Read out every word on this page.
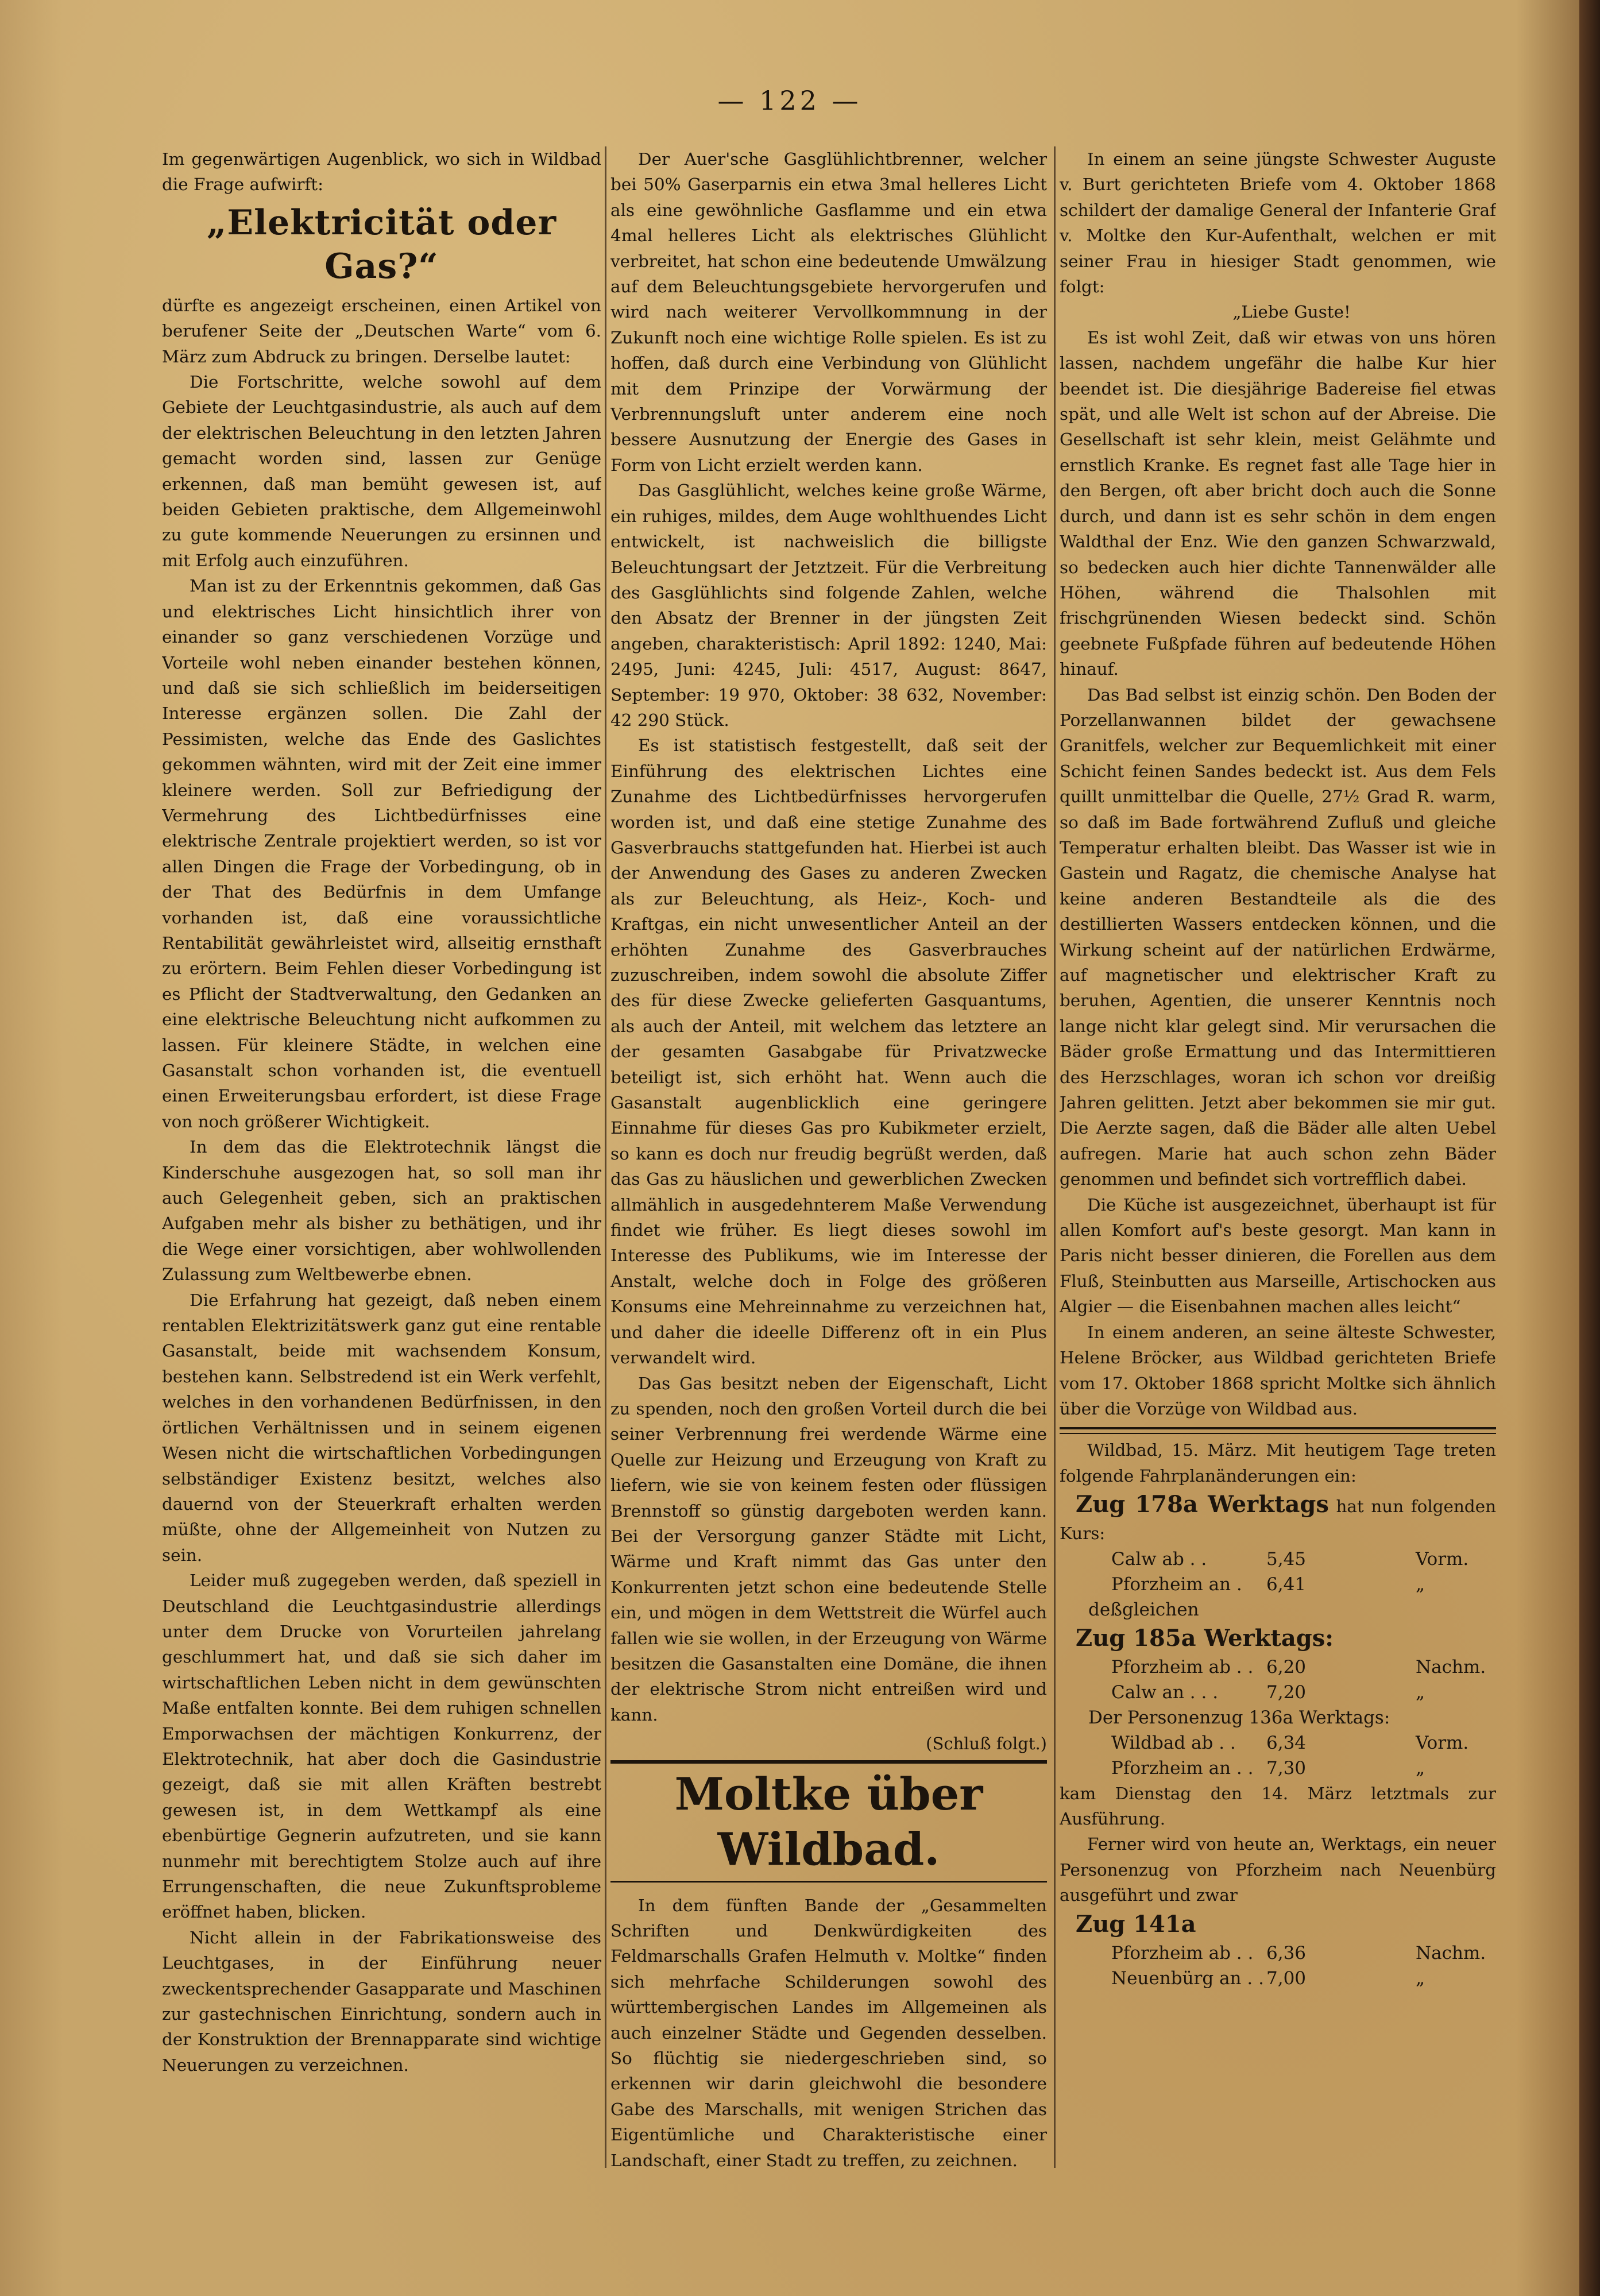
— 122 —

Im gegenwärtigen Augenblick, wo sich in Wildbad die Frage aufwirft:

„Elektricität oder Gas?“

dürfte es angezeigt erscheinen, einen Artikel von berufener Seite der „Deutschen Warte“ vom 6. März zum Abdruck zu bringen. Derselbe lautet:

Die Fortschritte, welche sowohl auf dem Gebiete der Leuchtgasindustrie, als auch auf dem der elektrischen Beleuchtung in den letzten Jahren gemacht worden sind, lassen zur Genüge erkennen, daß man bemüht gewesen ist, auf beiden Gebieten praktische, dem Allgemeinwohl zu gute kommende Neuerungen zu ersinnen und mit Erfolg auch einzuführen.

Man ist zu der Erkenntnis gekommen, daß Gas und elektrisches Licht hinsichtlich ihrer von einander so ganz verschiedenen Vorzüge und Vorteile wohl neben einander bestehen können, und daß sie sich schließlich im beiderseitigen Interesse ergänzen sollen. Die Zahl der Pessimisten, welche das Ende des Gaslichtes gekommen wähnten, wird mit der Zeit eine immer kleinere werden. Soll zur Befriedigung der Vermehrung des Lichtbedürfnisses eine elektrische Zentrale projektiert werden, so ist vor allen Dingen die Frage der Vorbedingung, ob in der That des Bedürfnis in dem Umfange vorhanden ist, daß eine voraussichtliche Rentabilität gewährleistet wird, allseitig ernsthaft zu erörtern. Beim Fehlen dieser Vorbedingung ist es Pflicht der Stadtverwaltung, den Gedanken an eine elektrische Beleuchtung nicht aufkommen zu lassen. Für kleinere Städte, in welchen eine Gasanstalt schon vorhanden ist, die eventuell einen Erweiterungsbau erfordert, ist diese Frage von noch größerer Wichtigkeit.

In dem das die Elektrotechnik längst die Kinderschuhe ausgezogen hat, so soll man ihr auch Gelegenheit geben, sich an praktischen Aufgaben mehr als bisher zu bethätigen, und ihr die Wege einer vorsichtigen, aber wohlwollenden Zulassung zum Weltbewerbe ebnen.

Die Erfahrung hat gezeigt, daß neben einem rentablen Elektrizitätswerk ganz gut eine rentable Gasanstalt, beide mit wachsendem Konsum, bestehen kann. Selbstredend ist ein Werk verfehlt, welches in den vorhandenen Bedürfnissen, in den örtlichen Verhältnissen und in seinem eigenen Wesen nicht die wirtschaftlichen Vorbedingungen selbständiger Existenz besitzt, welches also dauernd von der Steuerkraft erhalten werden müßte, ohne der Allgemeinheit von Nutzen zu sein.

Leider muß zugegeben werden, daß speziell in Deutschland die Leuchtgasindustrie allerdings unter dem Drucke von Vorurteilen jahrelang geschlummert hat, und daß sie sich daher im wirtschaftlichen Leben nicht in dem gewünschten Maße entfalten konnte. Bei dem ruhigen schnellen Emporwachsen der mächtigen Konkurrenz, der Elektrotechnik, hat aber doch die Gasindustrie gezeigt, daß sie mit allen Kräften bestrebt gewesen ist, in dem Wettkampf als eine ebenbürtige Gegnerin aufzutreten, und sie kann nunmehr mit berechtigtem Stolze auch auf ihre Errungenschaften, die neue Zukunftsprobleme eröffnet haben, blicken.

Nicht allein in der Fabrikationsweise des Leuchtgases, in der Einführung neuer zweckentsprechender Gasapparate und Maschinen zur gastechnischen Einrichtung, sondern auch in der Konstruktion der Brennapparate sind wichtige Neuerungen zu verzeichnen.

Der Auer'sche Gasglühlichtbrenner, welcher bei 50% Gaserparnis ein etwa 3mal helleres Licht als eine gewöhnliche Gasflamme und ein etwa 4mal helleres Licht als elektrisches Glühlicht verbreitet, hat schon eine bedeutende Umwälzung auf dem Beleuchtungsgebiete hervorgerufen und wird nach weiterer Vervollkommnung in der Zukunft noch eine wichtige Rolle spielen. Es ist zu hoffen, daß durch eine Verbindung von Glühlicht mit dem Prinzipe der Vorwärmung der Verbrennungsluft unter anderem eine noch bessere Ausnutzung der Energie des Gases in Form von Licht erzielt werden kann.

Das Gasglühlicht, welches keine große Wärme, ein ruhiges, mildes, dem Auge wohlthuendes Licht entwickelt, ist nachweislich die billigste Beleuchtungsart der Jetztzeit. Für die Verbreitung des Gasglühlichts sind folgende Zahlen, welche den Absatz der Brenner in der jüngsten Zeit angeben, charakteristisch: April 1892: 1240, Mai: 2495, Juni: 4245, Juli: 4517, August: 8647, September: 19 970, Oktober: 38 632, November: 42 290 Stück.

Es ist statistisch festgestellt, daß seit der Einführung des elektrischen Lichtes eine Zunahme des Lichtbedürfnisses hervorgerufen worden ist, und daß eine stetige Zunahme des Gasverbrauchs stattgefunden hat. Hierbei ist auch der Anwendung des Gases zu anderen Zwecken als zur Beleuchtung, als Heiz-, Koch- und Kraftgas, ein nicht unwesentlicher Anteil an der erhöhten Zunahme des Gasverbrauches zuzuschreiben, indem sowohl die absolute Ziffer des für diese Zwecke gelieferten Gasquantums, als auch der Anteil, mit welchem das letztere an der gesamten Gasabgabe für Privatzwecke beteiligt ist, sich erhöht hat. Wenn auch die Gasanstalt augenblicklich eine geringere Einnahme für dieses Gas pro Kubikmeter erzielt, so kann es doch nur freudig begrüßt werden, daß das Gas zu häuslichen und gewerblichen Zwecken allmählich in ausgedehnterem Maße Verwendung findet wie früher. Es liegt dieses sowohl im Interesse des Publikums, wie im Interesse der Anstalt, welche doch in Folge des größeren Konsums eine Mehreinnahme zu verzeichnen hat, und daher die ideelle Differenz oft in ein Plus verwandelt wird.

Das Gas besitzt neben der Eigenschaft, Licht zu spenden, noch den großen Vorteil durch die bei seiner Verbrennung frei werdende Wärme eine Quelle zur Heizung und Erzeugung von Kraft zu liefern, wie sie von keinem festen oder flüssigen Brennstoff so günstig dargeboten werden kann. Bei der Versorgung ganzer Städte mit Licht, Wärme und Kraft nimmt das Gas unter den Konkurrenten jetzt schon eine bedeutende Stelle ein, und mögen in dem Wettstreit die Würfel auch fallen wie sie wollen, in der Erzeugung von Wärme besitzen die Gasanstalten eine Domäne, die ihnen der elektrische Strom nicht entreißen wird und kann.

(Schluß folgt.)
Moltke über Wildbad.

In dem fünften Bande der „Gesammelten Schriften und Denkwürdigkeiten des Feldmarschalls Grafen Helmuth v. Moltke“ finden sich mehrfache Schilderungen sowohl des württembergischen Landes im Allgemeinen als auch einzelner Städte und Gegenden desselben. So flüchtig sie niedergeschrieben sind, so erkennen wir darin gleichwohl die besondere Gabe des Marschalls, mit wenigen Strichen das Eigentümliche und Charakteristische einer Landschaft, einer Stadt zu treffen, zu zeichnen.

In einem an seine jüngste Schwester Auguste v. Burt gerichteten Briefe vom 4. Oktober 1868 schildert der damalige General der Infanterie Graf v. Moltke den Kur-Aufenthalt, welchen er mit seiner Frau in hiesiger Stadt genommen, wie folgt:

„Liebe Guste!

Es ist wohl Zeit, daß wir etwas von uns hören lassen, nachdem ungefähr die halbe Kur hier beendet ist. Die diesjährige Badereise fiel etwas spät, und alle Welt ist schon auf der Abreise. Die Gesellschaft ist sehr klein, meist Gelähmte und ernstlich Kranke. Es regnet fast alle Tage hier in den Bergen, oft aber bricht doch auch die Sonne durch, und dann ist es sehr schön in dem engen Waldthal der Enz. Wie den ganzen Schwarzwald, so bedecken auch hier dichte Tannenwälder alle Höhen, während die Thalsohlen mit frischgrünenden Wiesen bedeckt sind. Schön geebnete Fußpfade führen auf bedeutende Höhen hinauf.

Das Bad selbst ist einzig schön. Den Boden der Porzellanwannen bildet der gewachsene Granitfels, welcher zur Bequemlichkeit mit einer Schicht feinen Sandes bedeckt ist. Aus dem Fels quillt unmittelbar die Quelle, 27½ Grad R. warm, so daß im Bade fortwährend Zufluß und gleiche Temperatur erhalten bleibt. Das Wasser ist wie in Gastein und Ragatz, die chemische Analyse hat keine anderen Bestandteile als die des destillierten Wassers entdecken können, und die Wirkung scheint auf der natürlichen Erdwärme, auf magnetischer und elektrischer Kraft zu beruhen, Agentien, die unserer Kenntnis noch lange nicht klar gelegt sind. Mir verursachen die Bäder große Ermattung und das Intermittieren des Herzschlages, woran ich schon vor dreißig Jahren gelitten. Jetzt aber bekommen sie mir gut. Die Aerzte sagen, daß die Bäder alle alten Uebel aufregen. Marie hat auch schon zehn Bäder genommen und befindet sich vortrefflich dabei.

Die Küche ist ausgezeichnet, überhaupt ist für allen Komfort auf's beste gesorgt. Man kann in Paris nicht besser dinieren, die Forellen aus dem Fluß, Steinbutten aus Marseille, Artischocken aus Algier — die Eisenbahnen machen alles leicht“

In einem anderen, an seine älteste Schwester, Helene Bröcker, aus Wildbad gerichteten Briefe vom 17. Oktober 1868 spricht Moltke sich ähnlich über die Vorzüge von Wildbad aus.

Wildbad, 15. März. Mit heutigem Tage treten folgende Fahrplanänderungen ein:

Zug 178a Werktags hat nun folgenden Kurs:
Calw ab . .	5,45	Vorm.
Pforzheim an . 6,41	„
deßgleichen
Zug 185a Werktags:
Pforzheim ab . . 6,20	Nachm.
Calw an . . .	7,20	„
Der Personenzug 136a Werktags:
Wildbad ab . . 6,34	Vorm.
Pforzheim an . . 7,30	„

kam Dienstag den 14. März letztmals zur Ausführung.

Ferner wird von heute an, Werktags, ein neuer Personenzug von Pforzheim nach Neuenbürg ausgeführt und zwar

Zug 141a
Pforzheim ab . . 6,36	Nachm.
Neuenbürg an . . 7,00	„
